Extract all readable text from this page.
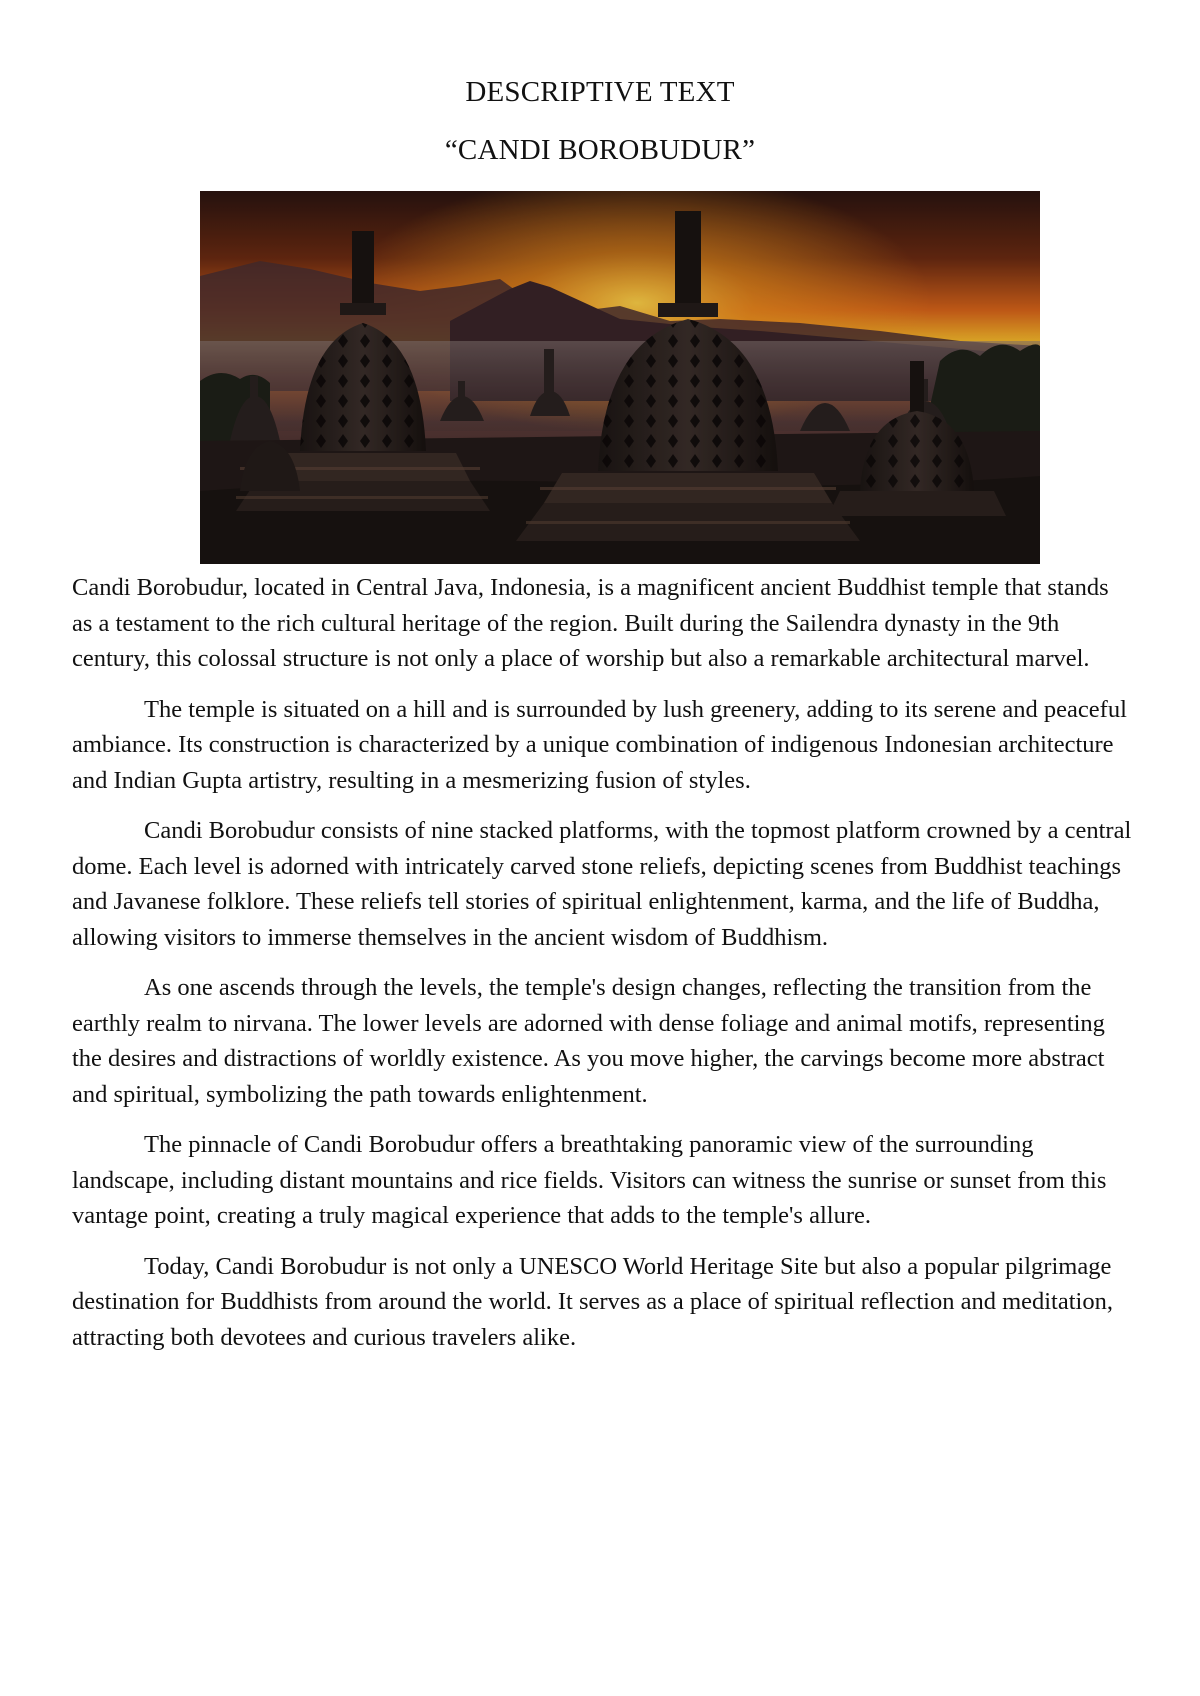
DESCRIPTIVE TEXT
“CANDI BOROBUDUR”

Candi Borobudur, located in Central Java, Indonesia, is a magnificent ancient Buddhist temple that stands as a testament to the rich cultural heritage of the region. Built during the Sailendra dynasty in the 9th century, this colossal structure is not only a place of worship but also a remarkable architectural marvel.

The temple is situated on a hill and is surrounded by lush greenery, adding to its serene and peaceful ambiance. Its construction is characterized by a unique combination of indigenous Indonesian architecture and Indian Gupta artistry, resulting in a mesmerizing fusion of styles.

Candi Borobudur consists of nine stacked platforms, with the topmost platform crowned by a central dome. Each level is adorned with intricately carved stone reliefs, depicting scenes from Buddhist teachings and Javanese folklore. These reliefs tell stories of spiritual enlightenment, karma, and the life of Buddha, allowing visitors to immerse themselves in the ancient wisdom of Buddhism.

As one ascends through the levels, the temple's design changes, reflecting the transition from the earthly realm to nirvana. The lower levels are adorned with dense foliage and animal motifs, representing the desires and distractions of worldly existence. As you move higher, the carvings become more abstract and spiritual, symbolizing the path towards enlightenment.

The pinnacle of Candi Borobudur offers a breathtaking panoramic view of the surrounding landscape, including distant mountains and rice fields. Visitors can witness the sunrise or sunset from this vantage point, creating a truly magical experience that adds to the temple's allure.

Today, Candi Borobudur is not only a UNESCO World Heritage Site but also a popular pilgrimage destination for Buddhists from around the world. It serves as a place of spiritual reflection and meditation, attracting both devotees and curious travelers alike.
